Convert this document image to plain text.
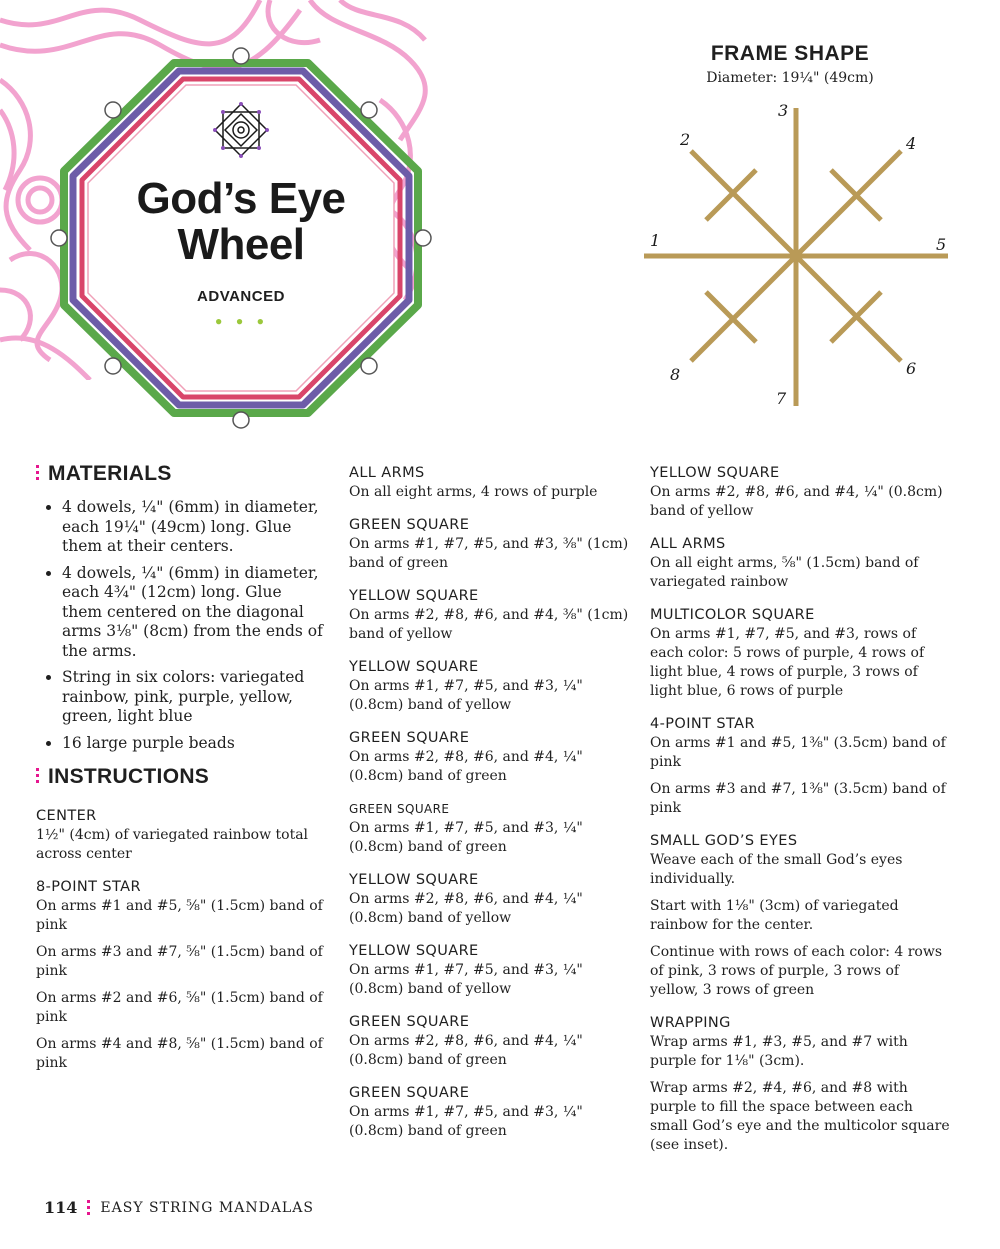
God’s Eye
Wheel
ADVANCED
• • •
FRAME SHAPE
Diameter: 19¼" (49cm)
1
2
3
4
5
6
7
8
MATERIALS
• 4 dowels, ¼" (6mm) in diameter, each 19¼" (49cm) long. Glue them at their centers.
• 4 dowels, ¼" (6mm) in diameter, each 4¾" (12cm) long. Glue them centered on the diagonal arms 3⅛" (8cm) from the ends of the arms.
• String in six colors: variegated rainbow, pink, purple, yellow, green, light blue
• 16 large purple beads
INSTRUCTIONS
CENTER
1½" (4cm) of variegated rainbow total across center
8-POINT STAR
On arms #1 and #5, ⅝" (1.5cm) band of pink
On arms #3 and #7, ⅝" (1.5cm) band of pink
On arms #2 and #6, ⅝" (1.5cm) band of pink
On arms #4 and #8, ⅝" (1.5cm) band of pink
ALL ARMS
On all eight arms, 4 rows of purple
GREEN SQUARE
On arms #1, #7, #5, and #3, ⅜" (1cm) band of green
YELLOW SQUARE
On arms #2, #8, #6, and #4, ⅜" (1cm) band of yellow
YELLOW SQUARE
On arms #1, #7, #5, and #3, ¼" (0.8cm) band of yellow
GREEN SQUARE
On arms #2, #8, #6, and #4, ¼" (0.8cm) band of green
GREEN SQUARE
On arms #1, #7, #5, and #3, ¼" (0.8cm) band of green
YELLOW SQUARE
On arms #2, #8, #6, and #4, ¼" (0.8cm) band of yellow
YELLOW SQUARE
On arms #1, #7, #5, and #3, ¼" (0.8cm) band of yellow
GREEN SQUARE
On arms #2, #8, #6, and #4, ¼" (0.8cm) band of green
GREEN SQUARE
On arms #1, #7, #5, and #3, ¼" (0.8cm) band of green
YELLOW SQUARE
On arms #2, #8, #6, and #4, ¼" (0.8cm) band of yellow
ALL ARMS
On all eight arms, ⅝" (1.5cm) band of variegated rainbow
MULTICOLOR SQUARE
On arms #1, #7, #5, and #3, rows of each color: 5 rows of purple, 4 rows of light blue, 4 rows of purple, 3 rows of light blue, 6 rows of purple
4-POINT STAR
On arms #1 and #5, 1⅜" (3.5cm) band of pink
On arms #3 and #7, 1⅜" (3.5cm) band of pink
SMALL GOD’S EYES
Weave each of the small God’s eyes individually.
Start with 1⅛" (3cm) of variegated rainbow for the center.
Continue with rows of each color: 4 rows of pink, 3 rows of purple, 3 rows of yellow, 3 rows of green
WRAPPING
Wrap arms #1, #3, #5, and #7 with purple for 1⅛" (3cm).
Wrap arms #2, #4, #6, and #8 with purple to fill the space between each small God’s eye and the multicolor square (see inset).
114 EASY STRING MANDALAS
